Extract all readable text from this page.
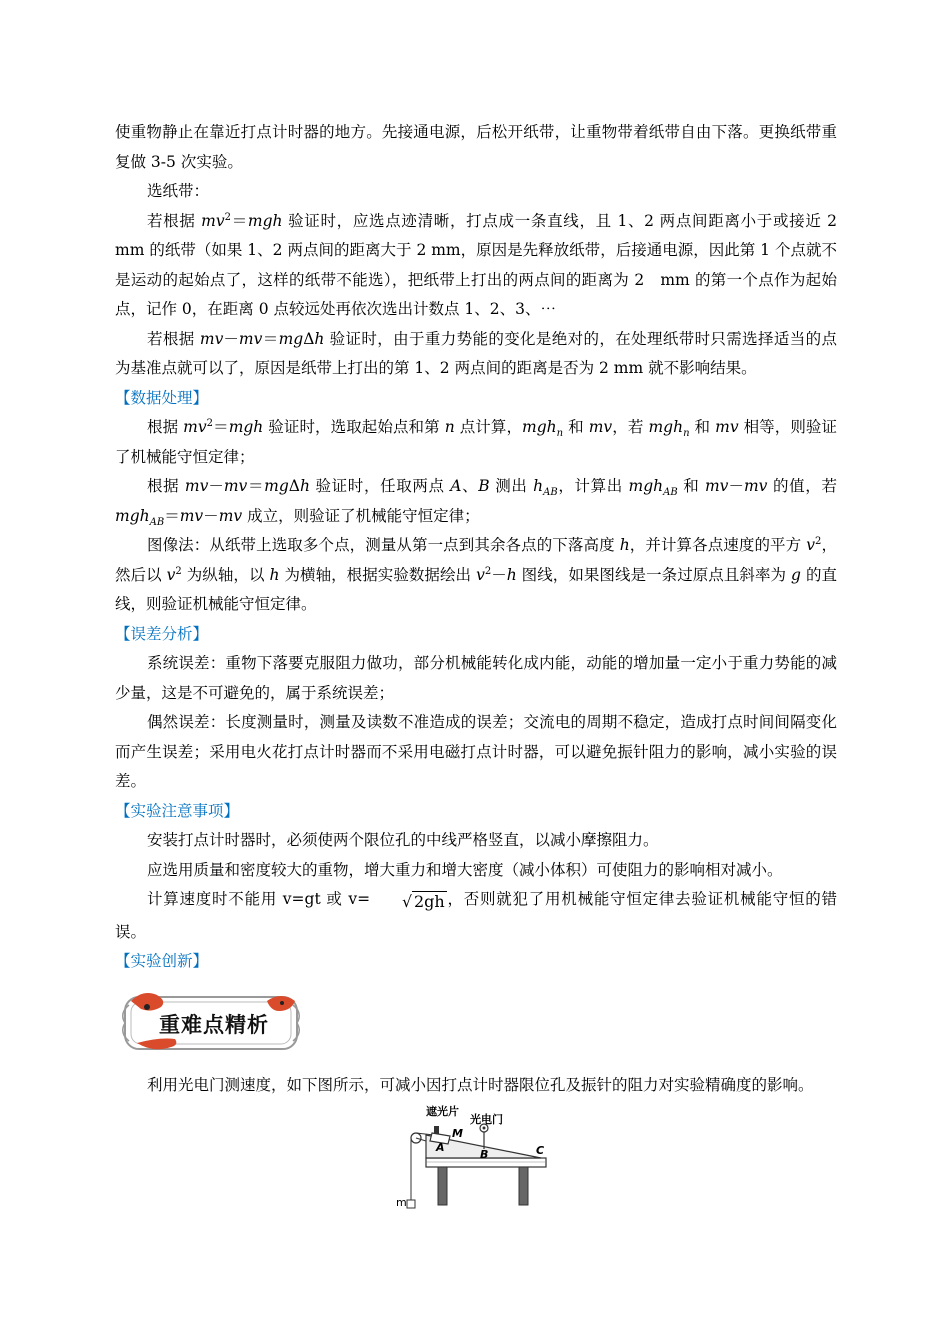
使重物静止在靠近打点计时器的地方。先接通电源，后松开纸带，让重物带着纸带自由下落。更换纸带重复做 3-5 次实验。

选纸带：

若根据 $mv^2=mgh$ 验证时，应选点迹清晰，打点成一条直线，且 1、2 两点间距离小于或接近 2 mm 的纸带（如果 1、2 两点间的距离大于 2 mm，原因是先释放纸带，后接通电源，因此第 1 个点就不是运动的起始点了，这样的纸带不能选），把纸带上打出的两点间的距离为 2　mm 的第一个点作为起始点，记作 0，在距离 0 点较远处再依次选出计数点 1、2、3、⋯

若根据 mv－mv＝mgΔh 验证时，由于重力势能的变化是绝对的，在处理纸带时只需选择适当的点为基准点就可以了，原因是纸带上打出的第 1、2 两点间的距离是否为 2 mm 就不影响结果。

【数据处理】

根据 $mv^2=mgh$ 验证时，选取起始点和第 n 点计算，mgh$_n$ 和 mv，若 mgh$_n$ 和 mv 相等，则验证了机械能守恒定律；

根据 mv－mv＝mgΔh 验证时，任取两点 A、B 测出 $h_{AB}$，计算出 mgh$_{AB}$ 和 mv－mv 的值，若 mgh$_{AB}$＝mv－mv 成立，则验证了机械能守恒定律；

图像法：从纸带上选取多个点，测量从第一点到其余各点的下落高度 h，并计算各点速度的平方 $v^2$，然后以 $v^2$ 为纵轴，以 h 为横轴，根据实验数据绘出 $v^2-h$ 图线，如果图线是一条过原点且斜率为 g 的直线，则验证机械能守恒定律。

【误差分析】

系统误差：重物下落要克服阻力做功，部分机械能转化成内能，动能的增加量一定小于重力势能的减少量，这是不可避免的，属于系统误差；

偶然误差：长度测量时，测量及读数不准造成的误差；交流电的周期不稳定，造成打点时间间隔变化而产生误差；采用电火花打点计时器而不采用电磁打点计时器，可以避免振针阻力的影响，减小实验的误差。

【实验注意事项】

安装打点计时器时，必须使两个限位孔的中线严格竖直，以减小摩擦阻力。

应选用质量和密度较大的重物，增大重力和增大密度（减小体积）可使阻力的影响相对减小。

计算速度时不能用 v=gt 或 v= √ 2gh ，否则就犯了用机械能守恒定律去验证机械能守恒的错误。

【实验创新】

重难点精析

利用光电门测速度，如下图所示，可减小因打点计时器限位孔及振针的阻力对实验精确度的影响。

遮光片
光电门
M
A
B	C
m
